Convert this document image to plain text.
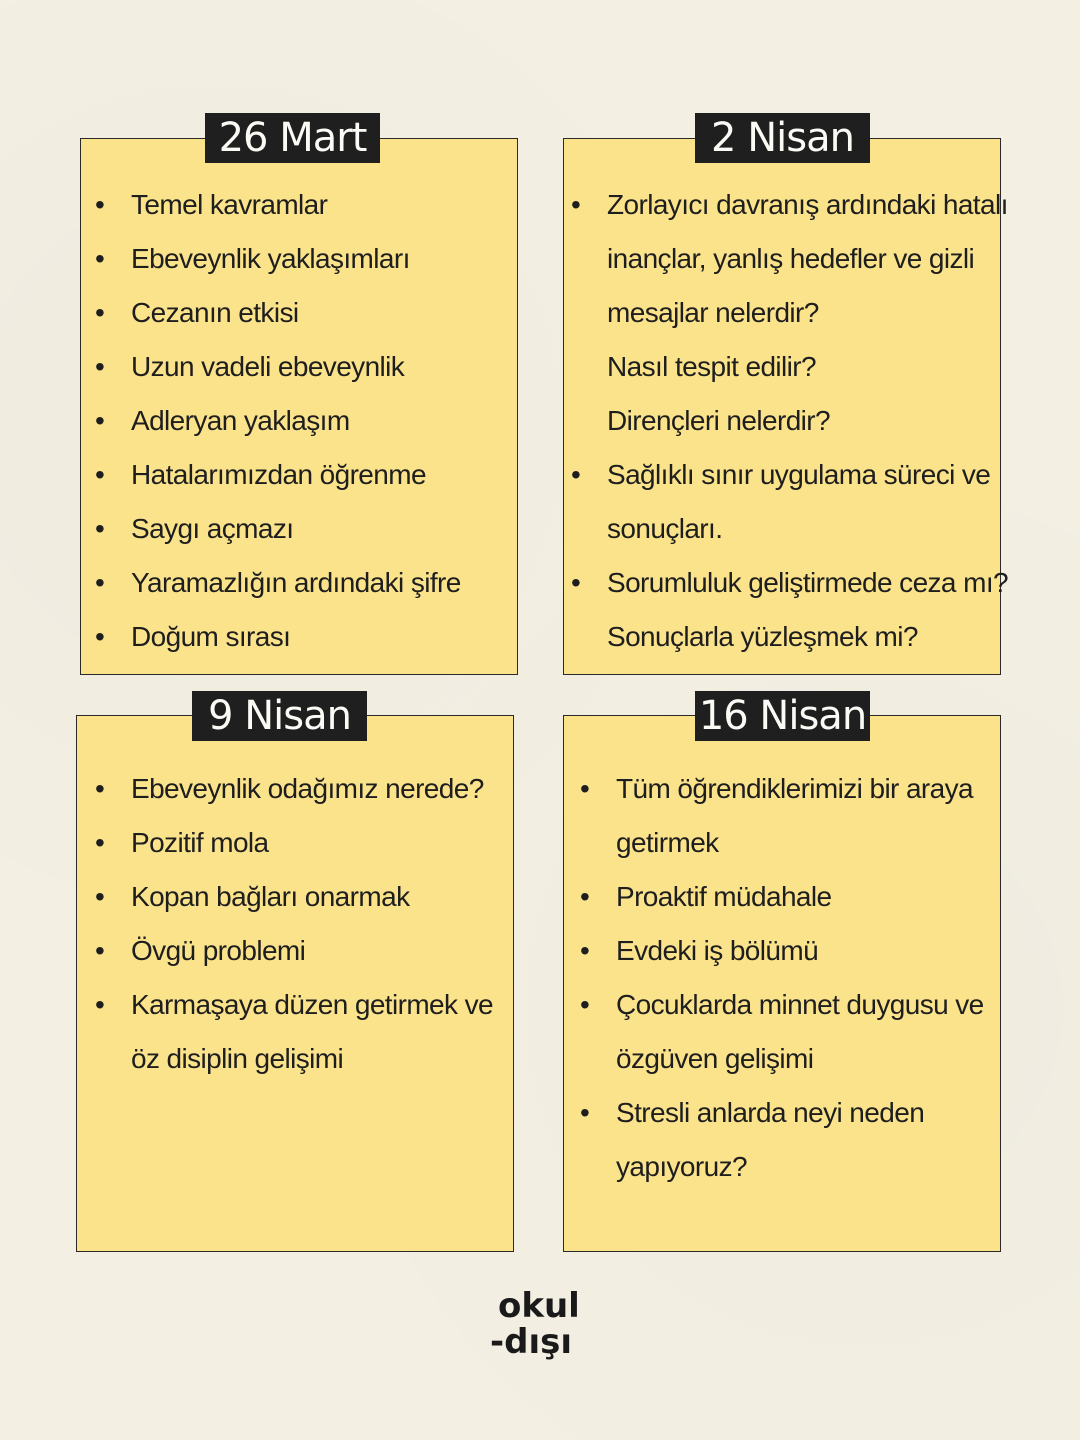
26 Mart
• Temel kavramlar
• Ebeveynlik yaklaşımları
• Cezanın etkisi
• Uzun vadeli ebeveynlik
• Adleryan yaklaşım
• Hatalarımızdan öğrenme
• Saygı açmazı
• Yaramazlığın ardındaki şifre
• Doğum sırası
2 Nisan
• Zorlayıcı davranış ardındaki hatalı
inançlar, yanlış hedefler ve gizli
mesajlar nelerdir?
Nasıl tespit edilir?
Dirençleri nelerdir?
• Sağlıklı sınır uygulama süreci ve
sonuçları.
• Sorumluluk geliştirmede ceza mı?
Sonuçlarla yüzleşmek mi?
9 Nisan
• Ebeveynlik odağımız nerede?
• Pozitif mola
• Kopan bağları onarmak
• Övgü problemi
• Karmaşaya düzen getirmek ve
öz disiplin gelişimi
16 Nisan
• Tüm öğrendiklerimizi bir araya
getirmek
• Proaktif müdahale
• Evdeki iş bölümü
• Çocuklarda minnet duygusu ve
özgüven gelişimi
• Stresli anlarda neyi neden
yapıyoruz?
okul
-dışı
